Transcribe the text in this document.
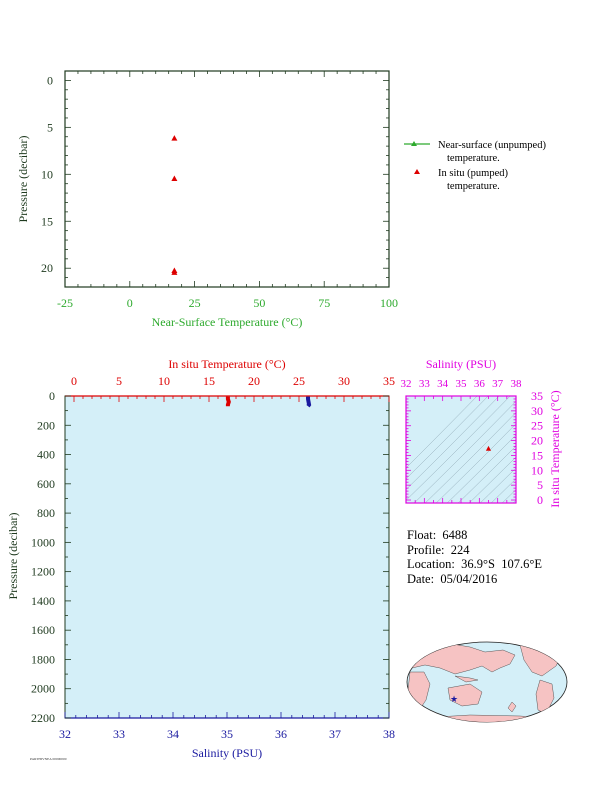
-25	0	25	50	75	100
0
5
10
15
20
Near-Surface Temperature (°C)
Pressure (decibar)	Near-surface (unpumped)
temperature.
In situ (pumped)
temperature.
0	5	10	15	20	25	30	35
32	33	34	35	36	37	38
0
200
400
600
800
1000
1200
1400
1600
1800
2000
2200
In situ Temperature (°C)
Salinity (PSU)
Pressure (decibar)
32 33 34 35 36 37 38
0
5
10
15
20
25
30
35
Salinity (PSU)
In situ Temperature (°C)
★
Float:  6488
Profile:  224
Location:  36.9°S  107.6°E
Date:  05/04/2016
PARTHIVNEA 00000000
